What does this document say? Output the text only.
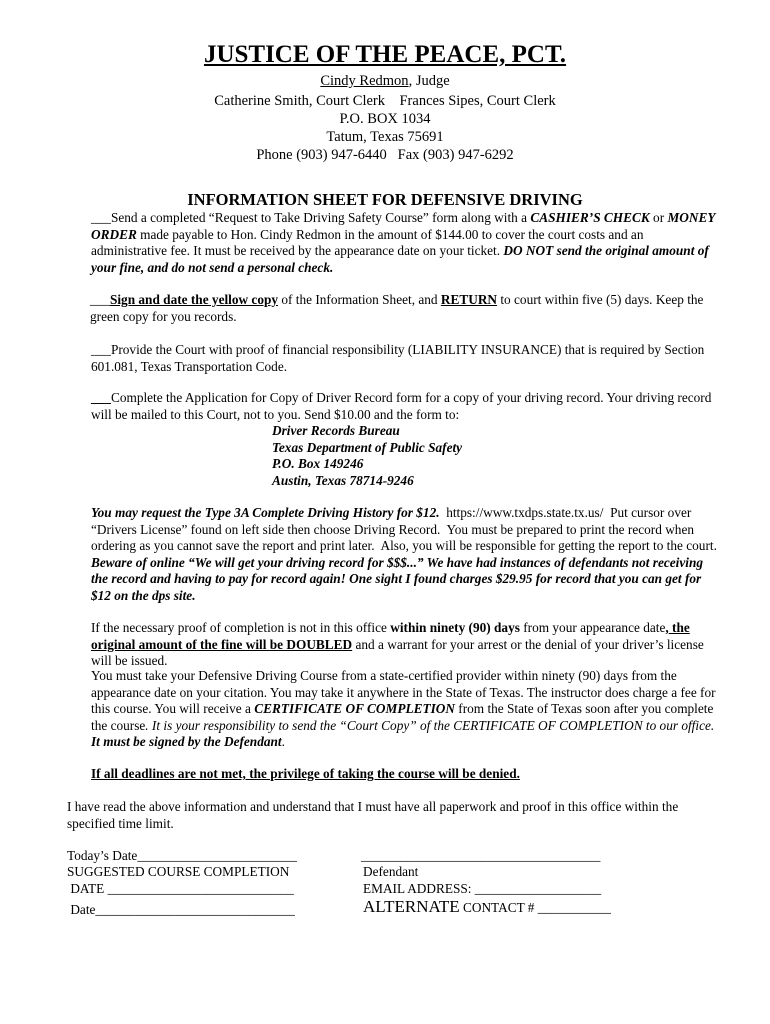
JUSTICE OF THE PEACE, PCT.
Cindy Redmon, Judge
Catherine Smith, Court Clerk    Frances Sipes, Court Clerk
P.O. BOX 1034
Tatum, Texas 75691
Phone (903) 947-6440   Fax (903) 947-6292
INFORMATION SHEET FOR DEFENSIVE DRIVING

___Send a completed “Request to Take Driving Safety Course” form along with a CASHIER’S CHECK or MONEY ORDER made payable to Hon. Cindy Redmon in the amount of $144.00 to cover the court costs and an administrative fee. It must be received by the appearance date on your ticket. DO NOT send the original amount of your fine, and do not send a personal check.

___Sign and date the yellow copy of the Information Sheet, and RETURN to court within five (5) days. Keep the green copy for you records.

___Provide the Court with proof of financial responsibility (LIABILITY INSURANCE) that is required by Section 601.081, Texas Transportation Code.

___Complete the Application for Copy of Driver Record form for a copy of your driving record. Your driving record will be mailed to this Court, not to you. Send $10.00 and the form to:

Driver Records Bureau
Texas Department of Public Safety
P.O. Box 149246
Austin, Texas 78714-9246

You may request the Type 3A Complete Driving History for $12.  https://www.txdps.state.tx.us/  Put cursor over “Drivers License” found on left side then choose Driving Record.  You must be prepared to print the record when ordering as you cannot save the report and print later.  Also, you will be responsible for getting the report to the court.  Beware of online “We will get your driving record for $$$...” We have had instances of defendants not receiving the record and having to pay for record again! One sight I found charges $29.95 for record that you can get for $12 on the dps site.

If the necessary proof of completion is not in this office within ninety (90) days from your appearance date, the original amount of the fine will be DOUBLED and a warrant for your arrest or the denial of your driver’s license will be issued.

You must take your Defensive Driving Course from a state-certified provider within ninety (90) days from the appearance date on your citation. You may take it anywhere in the State of Texas. The instructor does charge a fee for this course. You will receive a CERTIFICATE OF COMPLETION from the State of Texas soon after you complete the course. It is your responsibility to send the “Court Copy” of the CERTIFICATE OF COMPLETION to our office.    It must be signed by the Defendant.

If all deadlines are not met, the privilege of taking the course will be denied.

I have read the above information and understand that I must have all paperwork and proof in this office within the specified time limit.
Today’s Date________________________
SUGGESTED COURSE COMPLETION
DATE ____________________________
Date______________________________
____________________________________
Defendant
EMAIL ADDRESS: ___________________
ALTERNATE CONTACT # ___________
